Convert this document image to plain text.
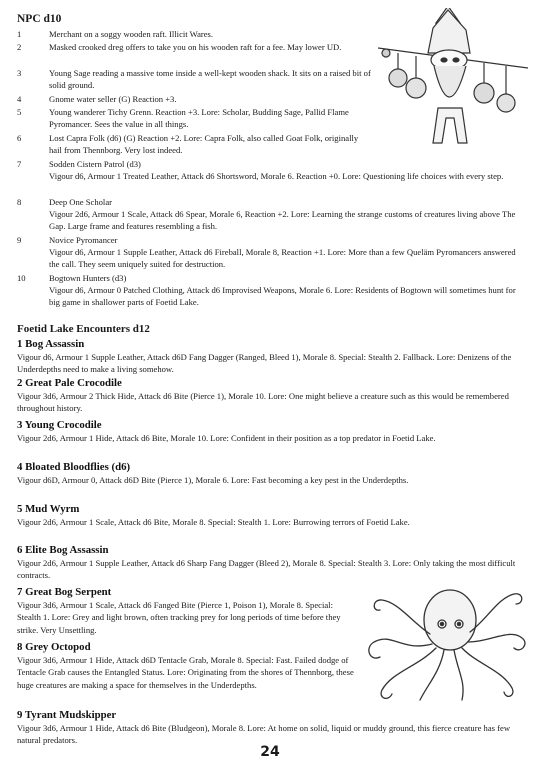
NPC d10
1	Merchant on a soggy wooden raft. Illicit Wares.
2	Masked crooked dreg offers to take you on his wooden raft for a fee. May lower UD.
3	Young Sage reading a massive tome inside a well-kept wooden shack. It sits on a raised bit of solid ground.
4	Gnome water seller (G) Reaction +3.
5	Young wanderer Tichy Grenn. Reaction +3. Lore: Scholar, Budding Sage, Pallid Flame Pyromancer. Sees the value in all things.
6	Lost Capra Folk (d6) (G) Reaction +2. Lore: Capra Folk, also called Goat Folk, originally hail from Thennborg. Very lost indeed.
7	Sodden Cistern Patrol (d3)
Vigour d6, Armour 1 Treated Leather, Attack d6 Shortsword, Morale 6. Reaction +0. Lore: Questioning life choices with every step.
8	Deep One Scholar
Vigour 2d6, Armour 1 Scale, Attack d6 Spear, Morale 6, Reaction +2. Lore: Learning the strange customs of creatures living above The Gap. Large frame and features resembling a fish.
9	Novice Pyromancer
Vigour d6, Armour 1 Supple Leather, Attack d6 Fireball, Morale 8, Reaction +1. Lore: More than a few Queläm Pyromancers answered the call. They seem uniquely suited for destruction.
10	Bogtown Hunters (d3)
Vigour d6, Armour 0 Patched Clothing, Attack d6 Improvised Weapons, Morale 6. Lore: Residents of Bogtown will sometimes hunt for big game in shallower parts of Foetid Lake.
Foetid Lake Encounters d12
1 Bog Assassin
Vigour d6, Armour 1 Supple Leather, Attack d6D Fang Dagger (Ranged, Bleed 1), Morale 8. Special: Stealth 2. Fallback. Lore: Denizens of the Underdepths need to make a living somehow.
2 Great Pale Crocodile
Vigour 3d6, Armour 2 Thick Hide, Attack d6 Bite (Pierce 1), Morale 10. Lore: One might believe a creature such as this would be remembered throughout history.
3 Young Crocodile
Vigour 2d6, Armour 1 Hide, Attack d6 Bite, Morale 10. Lore: Confident in their position as a top predator in Foetid Lake.
4 Bloated Bloodflies (d6)
Vigour d6D, Armour 0, Attack d6D Bite (Pierce 1), Morale 6. Lore: Fast becoming a key pest in the Underdepths.
5 Mud Wyrm
Vigour 2d6, Armour 1 Scale, Attack d6 Bite, Morale 8. Special: Stealth 1. Lore: Burrowing terrors of Foetid Lake.
6 Elite Bog Assassin
Vigour 2d6, Armour 1 Supple Leather, Attack d6 Sharp Fang Dagger (Bleed 2), Morale 8. Special: Stealth 3. Lore: Only taking the most difficult contracts.
7 Great Bog Serpent
Vigour 3d6, Armour 1 Scale, Attack d6 Fanged Bite (Pierce 1, Poison 1), Morale 8. Special: Stealth 1. Lore: Grey and light brown, often tracking prey for long periods of time before they strike. Very Unsettling.
8 Grey Octopod
Vigour 3d6, Armour 1 Hide, Attack d6D Tentacle Grab, Morale 8. Special: Fast. Failed dodge of Tentacle Grab causes the Entangled Status. Lore: Originating from the shores of Thennborg, these huge creatures are making a space for themselves in the Underdepths.
9 Tyrant Mudskipper
Vigour 3d6, Armour 1 Hide, Attack d6 Bite (Bludgeon), Morale 8. Lore: At home on solid, liquid or muddy ground, this fierce creature has few natural predators.
24
